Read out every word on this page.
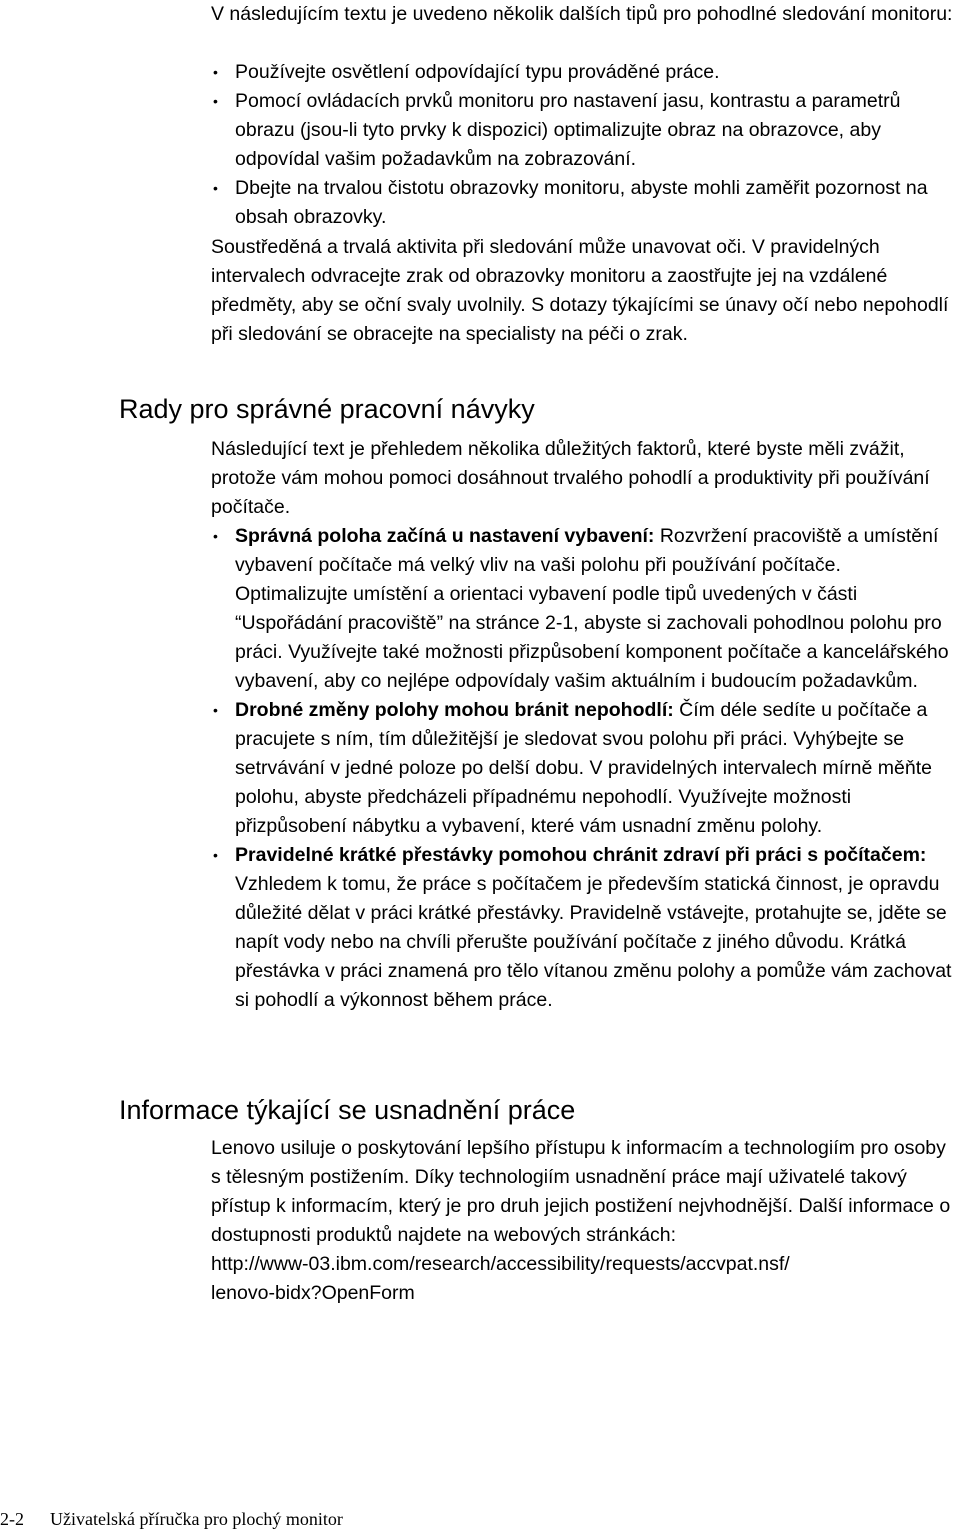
V následujícím textu je uvedeno několik dalších tipů pro pohodlné sledování monitoru:

• Používejte osvětlení odpovídající typu prováděné práce.
• Pomocí ovládacích prvků monitoru pro nastavení jasu, kontrastu a parametrů obrazu (jsou-li tyto prvky k dispozici) optimalizujte obraz na obrazovce, aby odpovídal vašim požadavkům na zobrazování.
• Dbejte na trvalou čistotu obrazovky monitoru, abyste mohli zaměřit pozornost na obsah obrazovky.

Soustředěná a trvalá aktivita při sledování může unavovat oči. V pravidelných intervalech odvracejte zrak od obrazovky monitoru a zaostřujte jej na vzdálené předměty, aby se oční svaly uvolnily. S dotazy týkajícími se únavy očí nebo nepohodlí při sledování se obracejte na specialisty na péči o zrak.

Rady pro správné pracovní návyky

Následující text je přehledem několika důležitých faktorů, které byste měli zvážit, protože vám mohou pomoci dosáhnout trvalého pohodlí a produktivity při používání počítače.

• Správná poloha začíná u nastavení vybavení: Rozvržení pracoviště a umístění vybavení počítače má velký vliv na vaši polohu při používání počítače. Optimalizujte umístění a orientaci vybavení podle tipů uvedených v části “Uspořádání pracoviště” na stránce 2-1, abyste si zachovali pohodlnou polohu pro práci. Využívejte také možnosti přizpůsobení komponent počítače a kancelářského vybavení, aby co nejlépe odpovídaly vašim aktuálním i budoucím požadavkům.
• Drobné změny polohy mohou bránit nepohodlí: Čím déle sedíte u počítače a pracujete s ním, tím důležitější je sledovat svou polohu při práci. Vyhýbejte se setrvávání v jedné poloze po delší dobu. V pravidelných intervalech mírně měňte polohu, abyste předcházeli případnému nepohodlí. Využívejte možnosti přizpůsobení nábytku a vybavení, které vám usnadní změnu polohy.
• Pravidelné krátké přestávky pomohou chránit zdraví při práci s počítačem: Vzhledem k tomu, že práce s počítačem je především statická činnost, je opravdu důležité dělat v práci krátké přestávky. Pravidelně vstávejte, protahujte se, jděte se napít vody nebo na chvíli přerušte používání počítače z jiného důvodu. Krátká přestávka v práci znamená pro tělo vítanou změnu polohy a pomůže vám zachovat si pohodlí a výkonnost během práce.
Informace týkající se usnadnění práce
Lenovo usiluje o poskytování lepšího přístupu k informacím a technologiím pro osoby s tělesným postižením. Díky technologiím usnadnění práce mají uživatelé takový přístup k informacím, který je pro druh jejich postižení nejvhodnější. Další informace o dostupnosti produktů najdete na webových stránkách:
http://www-03.ibm.com/research/accessibility/requests/accvpat.nsf/
lenovo-bidx?OpenForm
2-2 Uživatelská příručka pro plochý monitor
